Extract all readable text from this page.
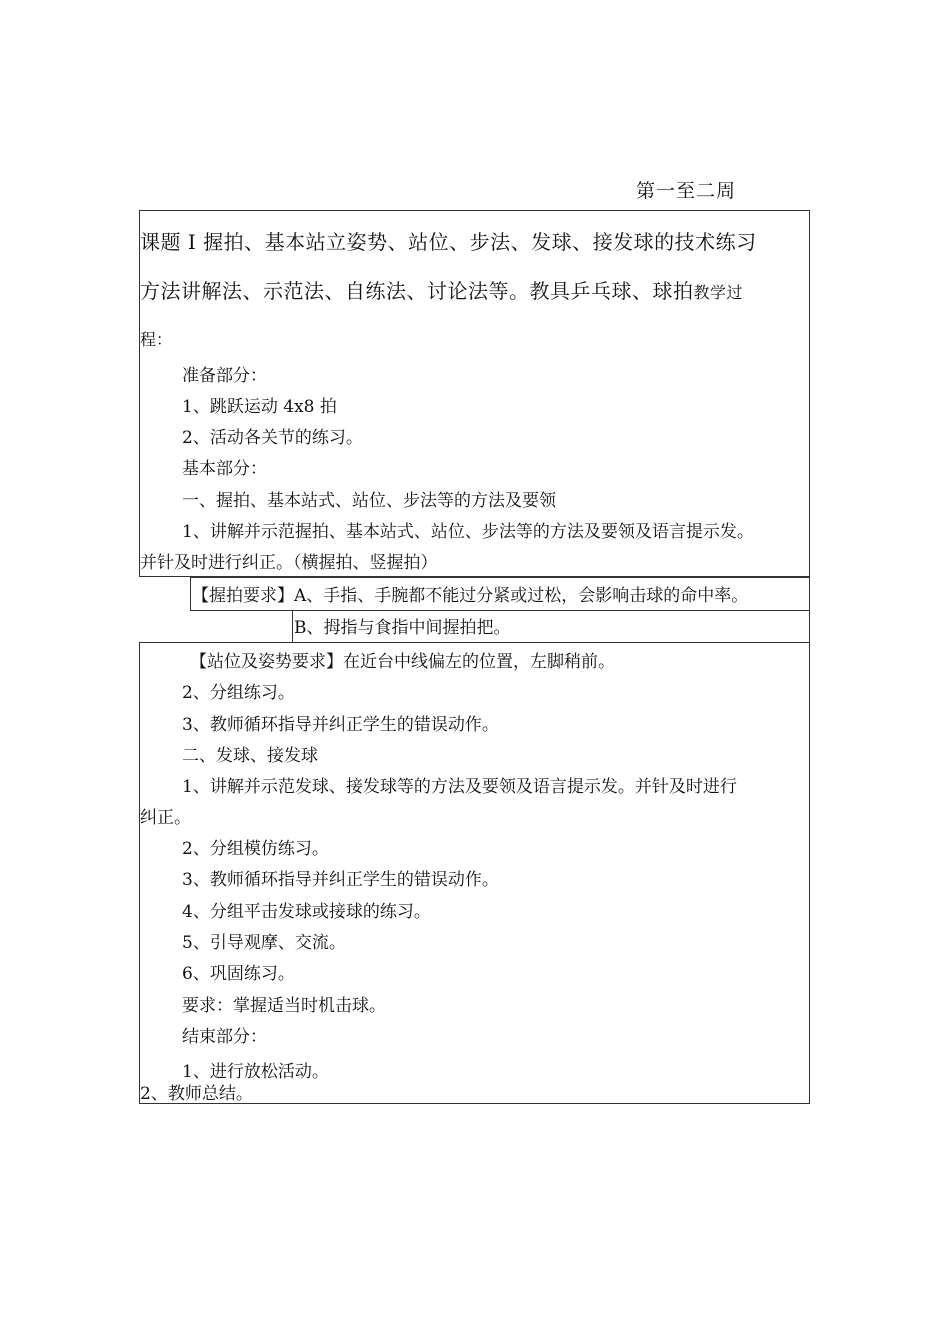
第一至二周
课题 I 握拍、基本站立姿势、站位、步法、发球、接发球的技术练习
方法讲解法、示范法、自练法、讨论法等。教具乒乓球、球拍教学过
程：
准备部分：
1、跳跃运动 4x8 拍
2、活动各关节的练习。
基本部分：
一、握拍、基本站式、站位、步法等的方法及要领
1、讲解并示范握拍、基本站式、站位、步法等的方法及要领及语言提示发。
并针及时进行纠正。（横握拍、竖握拍）
【握拍要求】A、手指、手腕都不能过分紧或过松，会影响击球的命中率。
B、拇指与食指中间握拍把。
【站位及姿势要求】在近台中线偏左的位置，左脚稍前。
2、分组练习。
3、教师循环指导并纠正学生的错误动作。
二、发球、接发球
1、讲解并示范发球、接发球等的方法及要领及语言提示发。并针及时进行
纠正。
2、分组模仿练习。
3、教师循环指导并纠正学生的错误动作。
4、分组平击发球或接球的练习。
5、引导观摩、交流。
6、巩固练习。
要求：掌握适当时机击球。
结束部分：
1、进行放松活动。
2、教师总结。
